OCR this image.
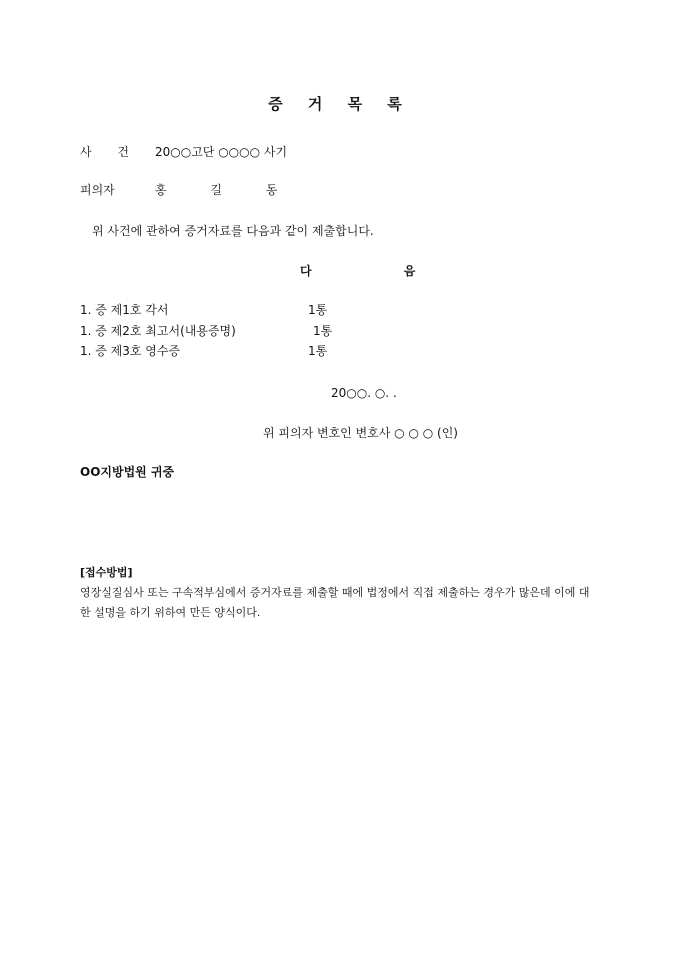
증 거 목 록
사 건 20○○고단 ○○○○ 사기
피의자	홍 길 동
위 사건에 관하여 증거자료를 다음과 같이 제출합니다.
다 음
1. 증 제1호 각서	1통
1. 증 제2호 최고서(내용증명)	1통
1. 증 제3호 영수증	1통
20○○. ○. .
위 피의자 변호인 변호사 ○ ○ ○ (인)
OO지방법원 귀중
[접수방법]
영장실질심사 또는 구속적부심에서 증거자료를 제출할 때에 법정에서 직접 제출하는 경우가 많은데 이에 대한 설명을 하기 위하여 만든 양식이다.
